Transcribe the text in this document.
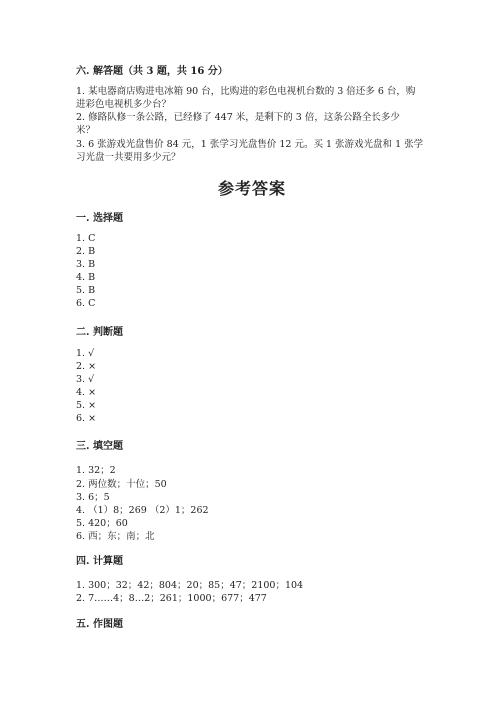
六. 解答题（共 3 题，共 16 分）
1. 某电器商店购进电冰箱 90 台，比购进的彩色电视机台数的 3 倍还多 6 台，购
进彩色电视机多少台？
2. 修路队修一条公路，已经修了 447 米，是剩下的 3 倍，这条公路全长多少
米？
3. 6 张游戏光盘售价 84 元，1 张学习光盘售价 12 元。买 1 张游戏光盘和 1 张学
习光盘一共要用多少元？
参考答案
一. 选择题
1. C
2. B
3. B
4. B
5. B
6. C
二. 判断题
1. √
2. ×
3. √
4. ×
5. ×
6. ×
三. 填空题
1. 32；2
2. 两位数；十位；50
3. 6；5
4. （1）8；269 （2）1；262
5. 420；60
6. 西；东；南；北
四. 计算题
1. 300；32；42；804；20；85；47；2100；104
2. 7……4；8…2；261；1000；677；477
五. 作图题
